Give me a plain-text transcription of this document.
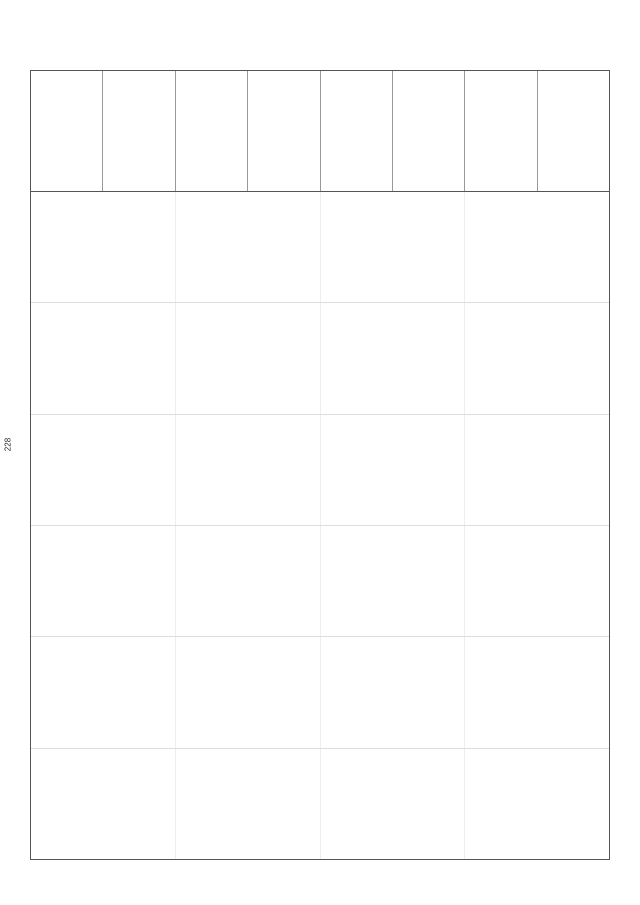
228
